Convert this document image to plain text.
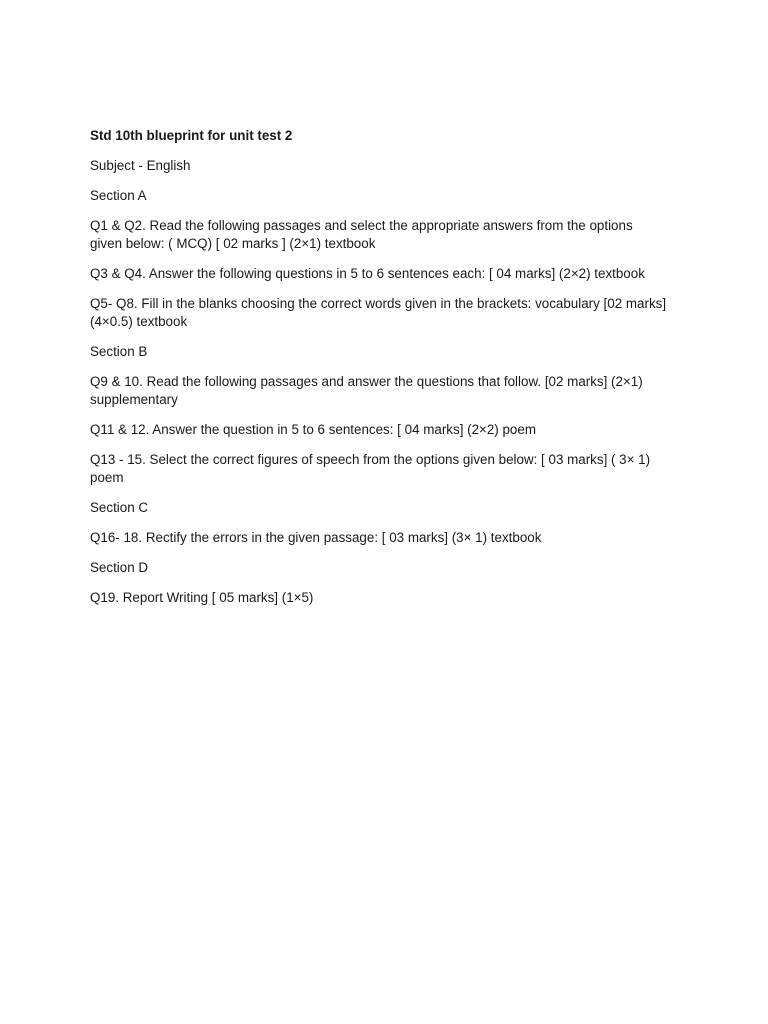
Std 10th blueprint for unit test 2

Subject - English

Section A

Q1 & Q2. Read the following passages and select the appropriate answers from the options given below: ( MCQ) [ 02 marks ] (2×1) textbook

Q3 & Q4. Answer the following questions in 5 to 6 sentences each: [ 04 marks] (2×2) textbook

Q5- Q8. Fill in the blanks choosing the correct words given in the brackets: vocabulary [02 marks] (4×0.5) textbook

Section B

Q9 & 10. Read the following passages and answer the questions that follow. [02 marks] (2×1) supplementary

Q11 & 12. Answer the question in 5 to 6 sentences: [ 04 marks] (2×2) poem

Q13 - 15. Select the correct figures of speech from the options given below: [ 03 marks] ( 3× 1) poem

Section C

Q16- 18. Rectify the errors in the given passage: [ 03 marks] (3× 1) textbook

Section D

Q19. Report Writing [ 05 marks] (1×5)
